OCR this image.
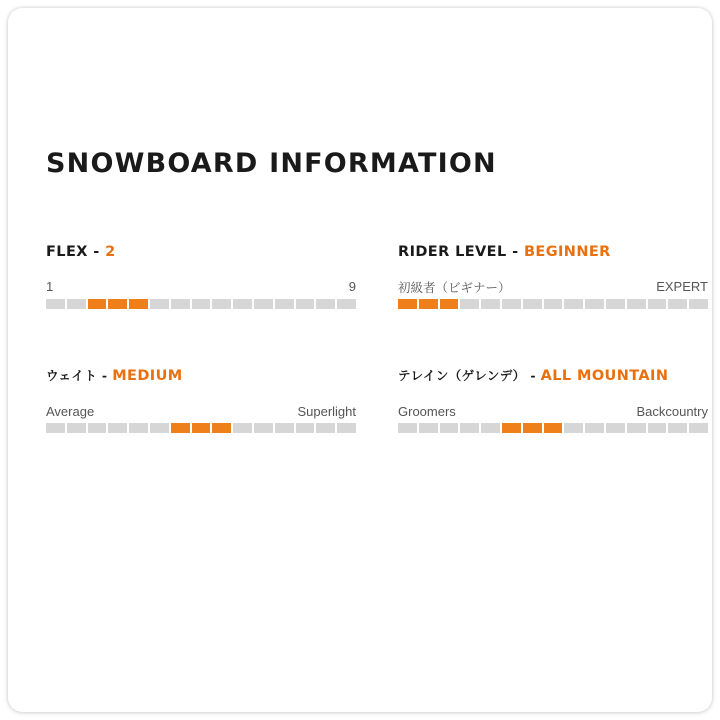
SNOWBOARD INFORMATION
FLEX - 2
1	9
RIDER LEVEL - BEGINNER
初級者（ビギナー）	EXPERT
ウェイト - MEDIUM
Average	Superlight
テレイン（ゲレンデ） - ALL MOUNTAIN
Groomers	Backcountry
